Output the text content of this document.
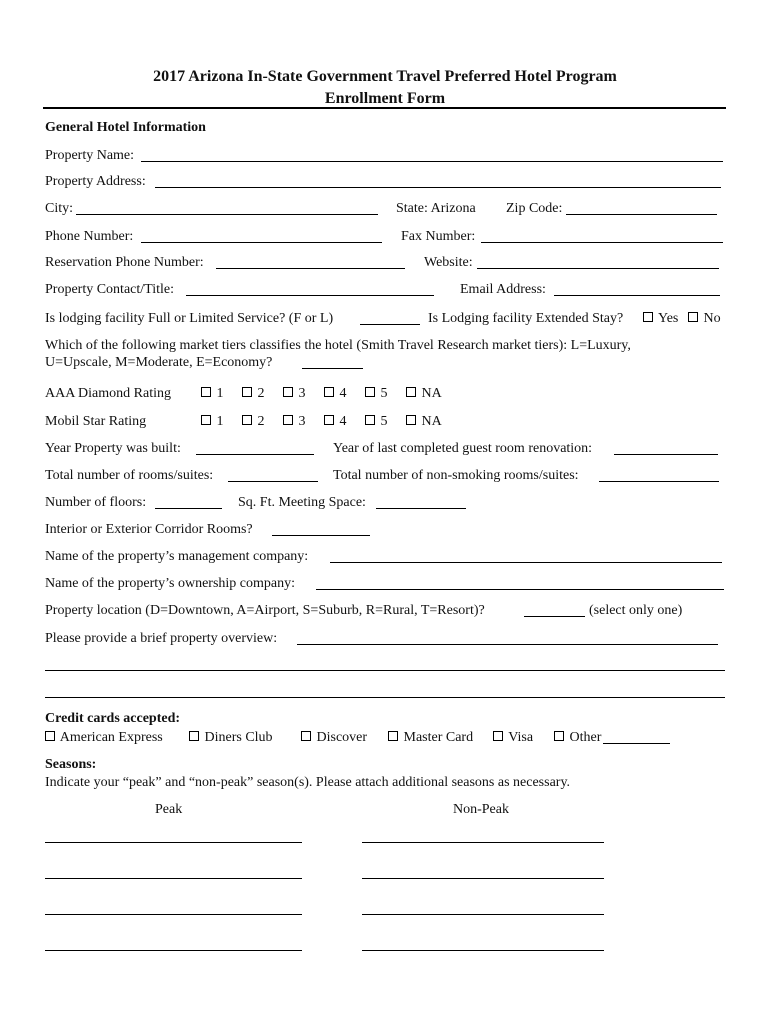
2017 Arizona In-State Government Travel Preferred Hotel Program
Enrollment Form
General Hotel Information
Property Name:
Property Address:
City:	State: Arizona Zip Code:
Phone Number:	Fax Number:
Reservation Phone Number:	Website:
Property Contact/Title:	Email Address:
Is lodging facility Full or Limited Service? (F or L)	Is Lodging facility Extended Stay?	Yes	No
Which of the following market tiers classifies the hotel (Smith Travel Research market tiers): L=Luxury,
U=Upscale, M=Moderate, E=Economy?
AAA Diamond Rating	1	2	3	4	5	NA
Mobil Star Rating	1	2	3	4	5	NA
Year Property was built:	Year of last completed guest room renovation:
Total number of rooms/suites:	Total number of non-smoking rooms/suites:
Number of floors:	Sq. Ft. Meeting Space:
Interior or Exterior Corridor Rooms?
Name of the property’s management company:
Name of the property’s ownership company:
Property location (D=Downtown, A=Airport, S=Suburb, R=Rural, T=Resort)?	(select only one)
Please provide a brief property overview:
Credit cards accepted:
American Express	Diners Club	Discover	Master Card	Visa	Other
Seasons:
Indicate your “peak” and “non-peak” season(s). Please attach additional seasons as necessary.
Peak	Non-Peak
